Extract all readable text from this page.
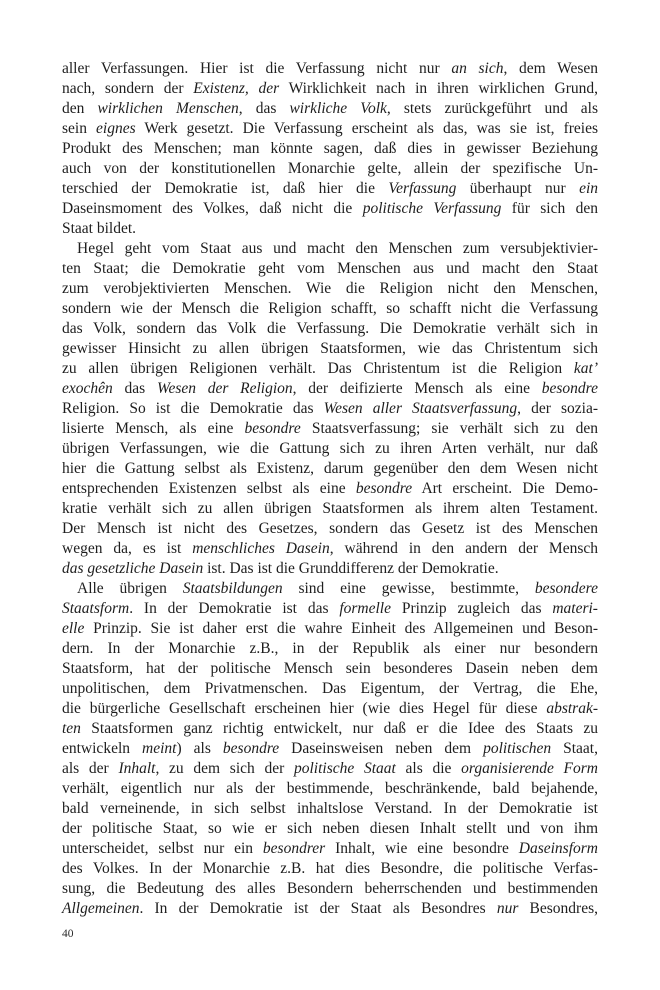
aller Verfassungen. Hier ist die Verfassung nicht nur an sich, dem Wesen
nach, sondern der Existenz, der Wirklichkeit nach in ihren wirklichen Grund,
den wirklichen Menschen, das wirkliche Volk, stets zurückgeführt und als
sein eignes Werk gesetzt. Die Verfassung erscheint als das, was sie ist, freies
Produkt des Menschen; man könnte sagen, daß dies in gewisser Beziehung
auch von der konstitutionellen Monarchie gelte, allein der spezifische Un-
terschied der Demokratie ist, daß hier die Verfassung überhaupt nur ein
Daseinsmoment des Volkes, daß nicht die politische Verfassung für sich den
Staat bildet.
Hegel geht vom Staat aus und macht den Menschen zum versubjektivier-
ten Staat; die Demokratie geht vom Menschen aus und macht den Staat
zum verobjektivierten Menschen. Wie die Religion nicht den Menschen,
sondern wie der Mensch die Religion schafft, so schafft nicht die Verfassung
das Volk, sondern das Volk die Verfassung. Die Demokratie verhält sich in
gewisser Hinsicht zu allen übrigen Staatsformen, wie das Christentum sich
zu allen übrigen Religionen verhält. Das Christentum ist die Religion kat’
exochên das Wesen der Religion, der deifizierte Mensch als eine besondre
Religion. So ist die Demokratie das Wesen aller Staatsverfassung, der sozia-
lisierte Mensch, als eine besondre Staatsverfassung; sie verhält sich zu den
übrigen Verfassungen, wie die Gattung sich zu ihren Arten verhält, nur daß
hier die Gattung selbst als Existenz, darum gegenüber den dem Wesen nicht
entsprechenden Existenzen selbst als eine besondre Art erscheint. Die Demo-
kratie verhält sich zu allen übrigen Staatsformen als ihrem alten Testament.
Der Mensch ist nicht des Gesetzes, sondern das Gesetz ist des Menschen
wegen da, es ist menschliches Dasein, während in den andern der Mensch
das gesetzliche Dasein ist. Das ist die Grunddifferenz der Demokratie.
Alle übrigen Staatsbildungen sind eine gewisse, bestimmte, besondere
Staatsform. In der Demokratie ist das formelle Prinzip zugleich das materi-
elle Prinzip. Sie ist daher erst die wahre Einheit des Allgemeinen und Beson-
dern. In der Monarchie z.B., in der Republik als einer nur besondern
Staatsform, hat der politische Mensch sein besonderes Dasein neben dem
unpolitischen, dem Privatmenschen. Das Eigentum, der Vertrag, die Ehe,
die bürgerliche Gesellschaft erscheinen hier (wie dies Hegel für diese abstrak-
ten Staatsformen ganz richtig entwickelt, nur daß er die Idee des Staats zu
entwickeln meint) als besondre Daseinsweisen neben dem politischen Staat,
als der Inhalt, zu dem sich der politische Staat als die organisierende Form
verhält, eigentlich nur als der bestimmende, beschränkende, bald bejahende,
bald verneinende, in sich selbst inhaltslose Verstand. In der Demokratie ist
der politische Staat, so wie er sich neben diesen Inhalt stellt und von ihm
unterscheidet, selbst nur ein besondrer Inhalt, wie eine besondre Daseinsform
des Volkes. In der Monarchie z.B. hat dies Besondre, die politische Verfas-
sung, die Bedeutung des alles Besondern beherrschenden und bestimmenden
Allgemeinen. In der Demokratie ist der Staat als Besondres nur Besondres,
40
